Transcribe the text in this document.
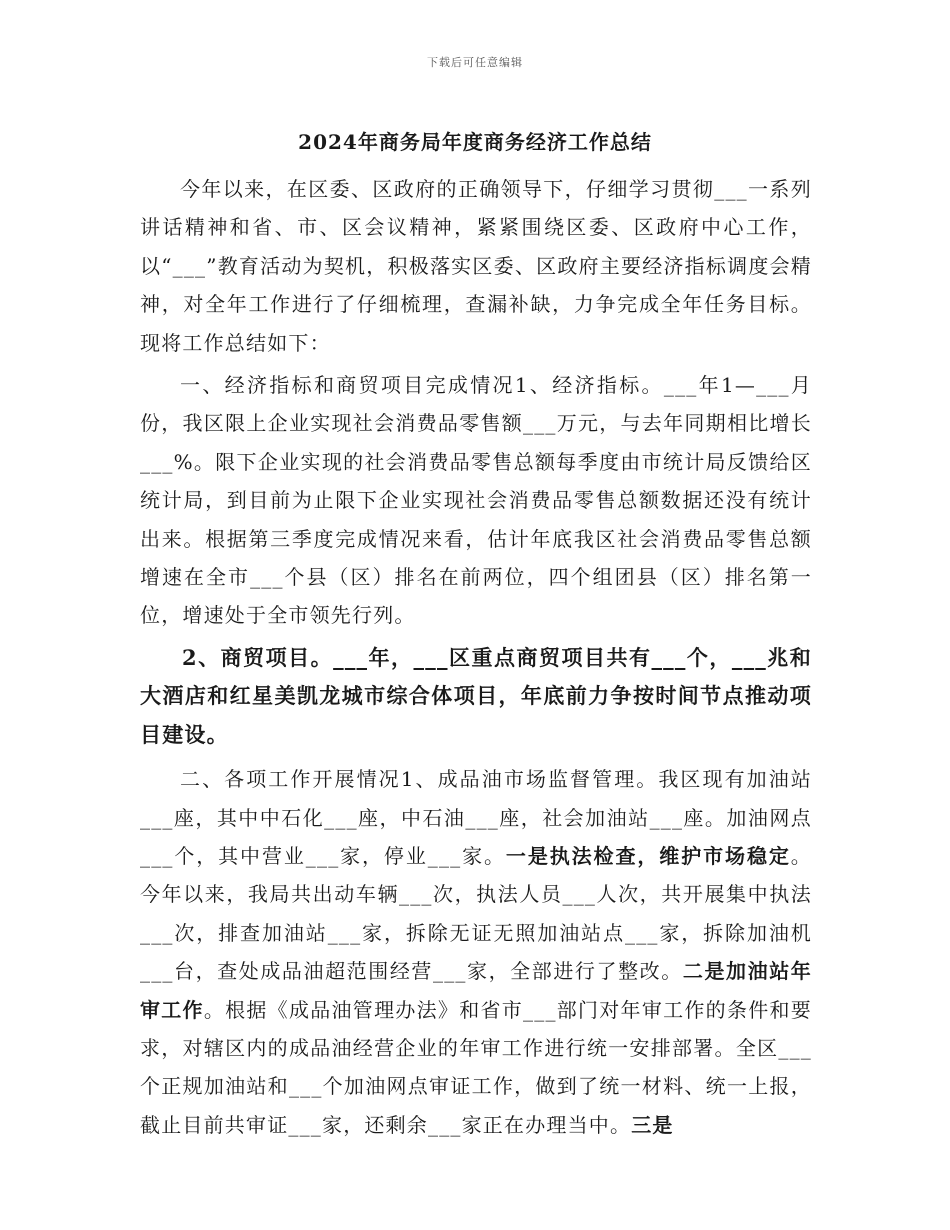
下载后可任意编辑
2024年商务局年度商务经济工作总结

今年以来，在区委、区政府的正确领导下，仔细学习贯彻___一系列讲话精神和省、市、区会议精神，紧紧围绕区委、区政府中心工作，以“___”教育活动为契机，积极落实区委、区政府主要经济指标调度会精神，对全年工作进行了仔细梳理，查漏补缺，力争完成全年任务目标。现将工作总结如下：

一、经济指标和商贸项目完成情况1、经济指标。___年1—___月份，我区限上企业实现社会消费品零售额___万元，与去年同期相比增长___%。限下企业实现的社会消费品零售总额每季度由市统计局反馈给区统计局，到目前为止限下企业实现社会消费品零售总额数据还没有统计出来。根据第三季度完成情况来看，估计年底我区社会消费品零售总额增速在全市___个县（区）排名在前两位，四个组团县（区）排名第一位，增速处于全市领先行列。

2、商贸项目。___年，___区重点商贸项目共有___个，___兆和大酒店和红星美凯龙城市综合体项目，年底前力争按时间节点推动项目建设。

二、各项工作开展情况1、成品油市场监督管理。我区现有加油站___座，其中中石化___座，中石油___座，社会加油站___座。加油网点___个，其中营业___家，停业___家。一是执法检查，维护市场稳定。今年以来，我局共出动车辆___次，执法人员___人次，共开展集中执法___次，排查加油站___家，拆除无证无照加油站点___家，拆除加油机___台，查处成品油超范围经营___家，全部进行了整改。二是加油站年审工作。根据《成品油管理办法》和省市___部门对年审工作的条件和要求，对辖区内的成品油经营企业的年审工作进行统一安排部署。全区___个正规加油站和___个加油网点审证工作，做到了统一材料、统一上报，截止目前共审证___家，还剩余___家正在办理当中。三是
